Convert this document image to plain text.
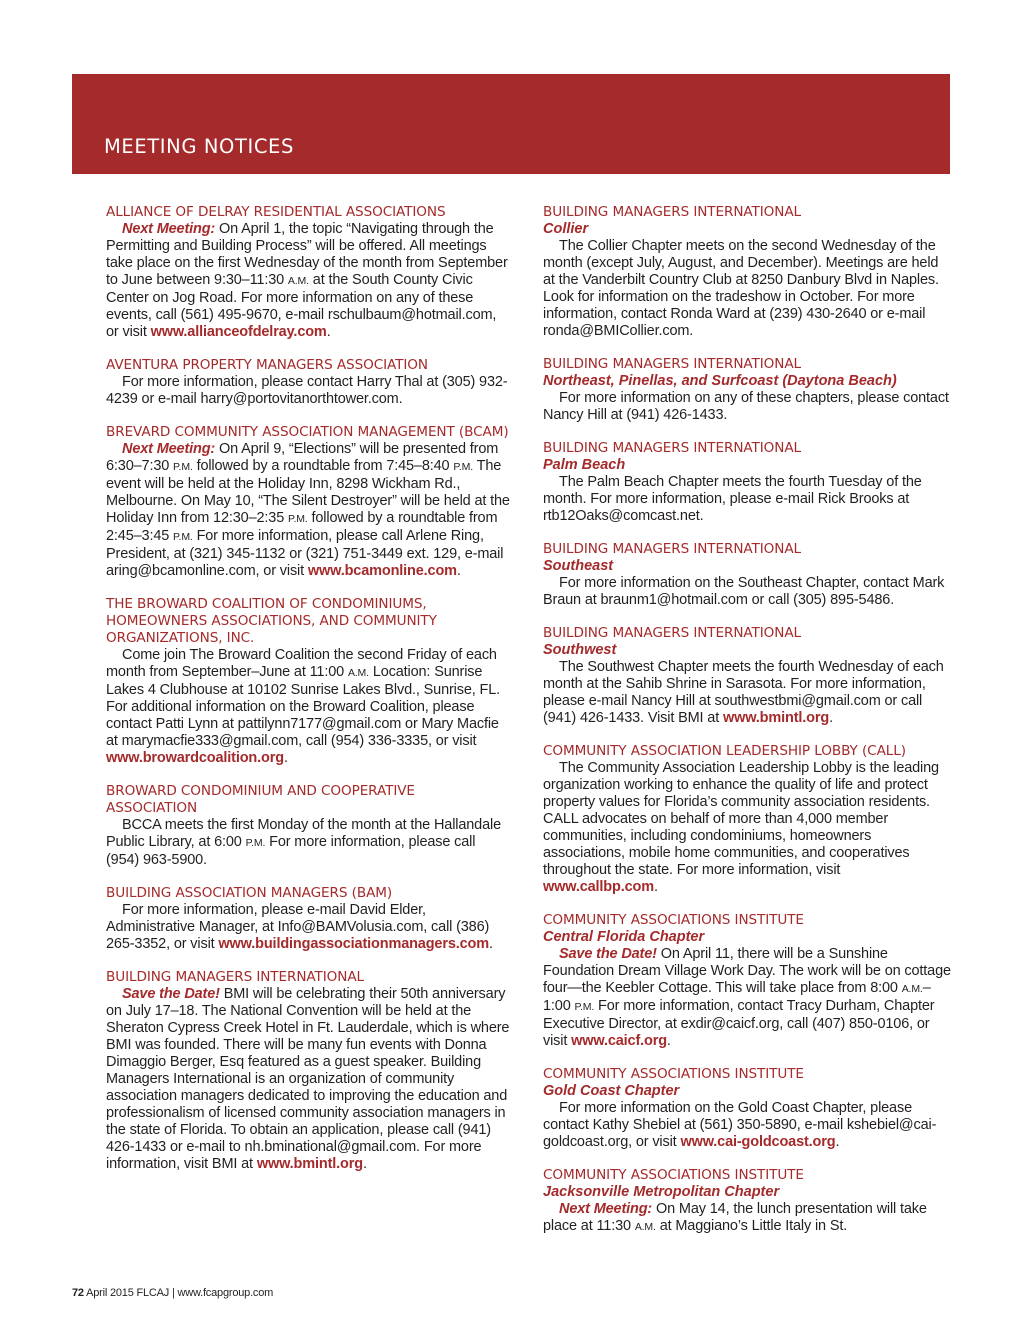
MEETING NOTICES
ALLIANCE OF DELRAY RESIDENTIAL ASSOCIATIONS

Next Meeting: On April 1, the topic “Navigating through the Permitting and Building Process” will be offered. All meetings take place on the first Wednesday of the month from September to June between 9:30–11:30 A.M. at the South County Civic Center on Jog Road. For more information on any of these events, call (561) 495-9670, e-mail rschulbaum@hotmail.com, or visit www.allianceofdelray.com.

AVENTURA PROPERTY MANAGERS ASSOCIATION

For more information, please contact Harry Thal at (305) 932-4239 or e-mail harry@portovitanorthtower.com.

BREVARD COMMUNITY ASSOCIATION MANAGEMENT (BCAM)

Next Meeting: On April 9, “Elections” will be presented from 6:30–7:30 P.M. followed by a roundtable from 7:45–8:40 P.M. The event will be held at the Holiday Inn, 8298 Wickham Rd., Melbourne. On May 10, “The Silent Destroyer” will be held at the Holiday Inn from 12:30–2:35 P.M. followed by a roundtable from 2:45–3:45 P.M. For more information, please call Arlene Ring, President, at (321) 345-1132 or (321) 751-3449 ext. 129, e-mail aring@bcamonline.com, or visit www.bcamonline.com.

THE BROWARD COALITION OF CONDOMINIUMS, HOMEOWNERS ASSOCIATIONS, AND COMMUNITY ORGANIZATIONS, INC.

Come join The Broward Coalition the second Friday of each month from September–June at 11:00 A.M. Location: Sunrise Lakes 4 Clubhouse at 10102 Sunrise Lakes Blvd., Sunrise, FL. For additional information on the Broward Coalition, please contact Patti Lynn at pattilynn7177@gmail.com or Mary Macfie at marymacfie333@gmail.com, call (954) 336-3335, or visit www.browardcoalition.org.

BROWARD CONDOMINIUM AND COOPERATIVE ASSOCIATION

BCCA meets the first Monday of the month at the Hallandale Public Library, at 6:00 P.M. For more information, please call (954) 963-5900.

BUILDING ASSOCIATION MANAGERS (BAM)

For more information, please e-mail David Elder, Administrative Manager, at Info@BAMVolusia.com, call (386) 265-3352, or visit www.buildingassociationmanagers.com.

BUILDING MANAGERS INTERNATIONAL

Save the Date! BMI will be celebrating their 50th anniversary on July 17–18. The National Convention will be held at the Sheraton Cypress Creek Hotel in Ft. Lauderdale, which is where BMI was founded. There will be many fun events with Donna Dimaggio Berger, Esq featured as a guest speaker. Building Managers International is an organization of community association managers dedicated to improving the education and professionalism of licensed community association managers in the state of Florida. To obtain an application, please call (941) 426-1433 or e-mail to nh.bminational@gmail.com. For more information, visit BMI at www.bmintl.org.

BUILDING MANAGERS INTERNATIONAL
Collier

The Collier Chapter meets on the second Wednesday of the month (except July, August, and December). Meetings are held at the Vanderbilt Country Club at 8250 Danbury Blvd in Naples. Look for information on the tradeshow in October. For more information, contact Ronda Ward at (239) 430-2640 or e-mail ronda@BMICollier.com.

BUILDING MANAGERS INTERNATIONAL
Northeast, Pinellas, and Surfcoast (Daytona Beach)

For more information on any of these chapters, please contact Nancy Hill at (941) 426-1433.

BUILDING MANAGERS INTERNATIONAL
Palm Beach

The Palm Beach Chapter meets the fourth Tuesday of the month. For more information, please e-mail Rick Brooks at rtb12Oaks@comcast.net.

BUILDING MANAGERS INTERNATIONAL
Southeast

For more information on the Southeast Chapter, contact Mark Braun at braunm1@hotmail.com or call (305) 895-5486.

BUILDING MANAGERS INTERNATIONAL
Southwest

The Southwest Chapter meets the fourth Wednesday of each month at the Sahib Shrine in Sarasota. For more information, please e-mail Nancy Hill at southwestbmi@gmail.com or call (941) 426-1433. Visit BMI at www.bmintl.org.

COMMUNITY ASSOCIATION LEADERSHIP LOBBY (CALL)

The Community Association Leadership Lobby is the leading organization working to enhance the quality of life and protect property values for Florida’s community association residents. CALL advocates on behalf of more than 4,000 member communities, including condominiums, homeowners associations, mobile home communities, and cooperatives throughout the state. For more information, visit www.callbp.com.

COMMUNITY ASSOCIATIONS INSTITUTE
Central Florida Chapter

Save the Date! On April 11, there will be a Sunshine Foundation Dream Village Work Day. The work will be on cottage four—the Keebler Cottage. This will take place from 8:00 A.M.–1:00 P.M. For more information, contact Tracy Durham, Chapter Executive Director, at exdir@caicf.org, call (407) 850-0106, or visit www.caicf.org.

COMMUNITY ASSOCIATIONS INSTITUTE
Gold Coast Chapter

For more information on the Gold Coast Chapter, please contact Kathy Shebiel at (561) 350-5890, e-mail kshebiel@cai-goldcoast.org, or visit www.cai-goldcoast.org.

COMMUNITY ASSOCIATIONS INSTITUTE
Jacksonville Metropolitan Chapter

Next Meeting: On May 14, the lunch presentation will take place at 11:30 A.M. at Maggiano’s Little Italy in St.

72 April 2015 FLCAJ | www.fcapgroup.com
